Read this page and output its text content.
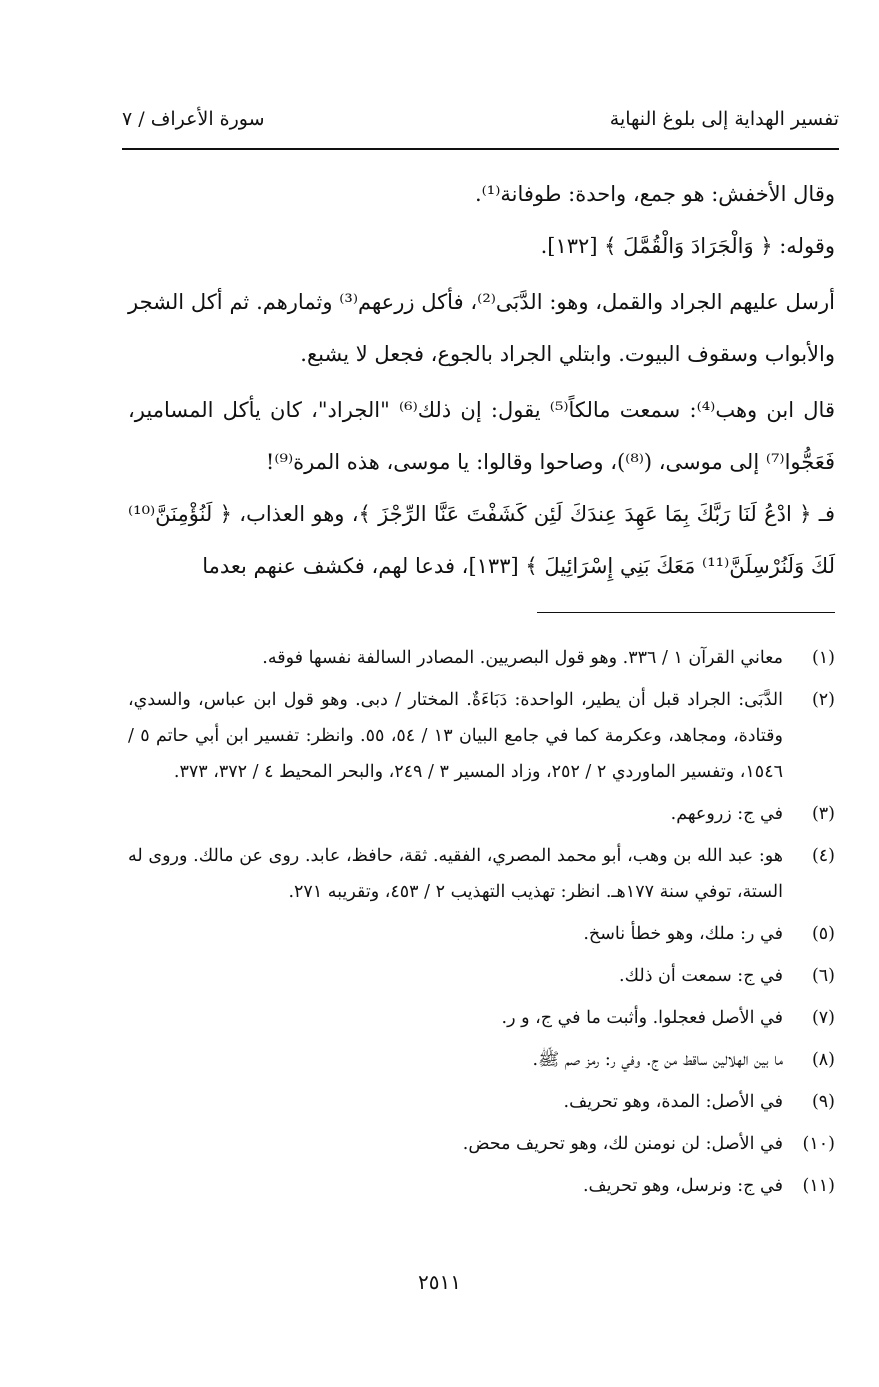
تفسير الهداية إلى بلوغ النهاية
سورة الأعراف / ٧

وقال الأخفش: هو جمع، واحدة: طوفانة⁽¹⁾.

وقوله: ﴿ وَالْجَرَادَ وَالْقُمَّلَ ﴾ [١٣٢].

أرسل عليهم الجراد والقمل، وهو: الدَّبَى⁽²⁾، فأكل زرعهم⁽³⁾ وثمارهم. ثم أكل الشجر والأبواب وسقوف البيوت. وابتلي الجراد بالجوع، فجعل لا يشبع.

قال ابن وهب⁽⁴⁾: سمعت مالكاً⁽⁵⁾ يقول: إن ذلك⁽⁶⁾ "الجراد"، كان يأكل المسامير، فَعَجُّوا⁽⁷⁾ إلى موسى، (⁽⁸⁾)، وصاحوا وقالوا: يا موسى، هذه المرة⁽⁹⁾!

فـ ﴿ ادْعُ لَنَا رَبَّكَ بِمَا عَهِدَ عِندَكَ لَئِن كَشَفْتَ عَنَّا الرِّجْزَ ﴾، وهو العذاب، ﴿ لَنُؤْمِنَنَّ⁽¹⁰⁾ لَكَ وَلَنُرْسِلَنَّ⁽¹¹⁾ مَعَكَ بَنِي إِسْرَائِيلَ ﴾ [١٣٣]، فدعا لهم، فكشف عنهم بعدما

(١)
معاني القرآن ١ / ٣٣٦. وهو قول البصريين. المصادر السالفة نفسها فوقه.

(٢)
الدَّبَى: الجراد قبل أن يطير، الواحدة: دَبَاءَةٌ. المختار / دبى. وهو قول ابن عباس، والسدي، وقتادة، ومجاهد، وعكرمة كما في جامع البيان ١٣ / ٥٤، ٥٥. وانظر: تفسير ابن أبي حاتم ٥ / ١٥٤٦، وتفسير الماوردي ٢ / ٢٥٢، وزاد المسير ٣ / ٢٤٩، والبحر المحيط ٤ / ٣٧٢، ٣٧٣.

(٣)
في ج: زروعهم.

(٤)
هو: عبد الله بن وهب، أبو محمد المصري، الفقيه. ثقة، حافظ، عابد. روى عن مالك. وروى له الستة، توفي سنة ١٧٧هـ. انظر: تهذيب التهذيب ٢ / ٤٥٣، وتقريبه ٢٧١.

(٥)
في ر: ملك، وهو خطأ ناسخ.

(٦)
في ج: سمعت أن ذلك.

(٧)
في الأصل فعجلوا. وأثبت ما في ج، و ر.

(٨)
ما بين الهلالين ساقط من ج. وفي ر: رمز صم ﷺ.

(٩)
في الأصل: المدة، وهو تحريف.

(١٠)
في الأصل: لن نومنن لك، وهو تحريف محض.

(١١)
في ج: ونرسل، وهو تحريف.

٢٥١١
